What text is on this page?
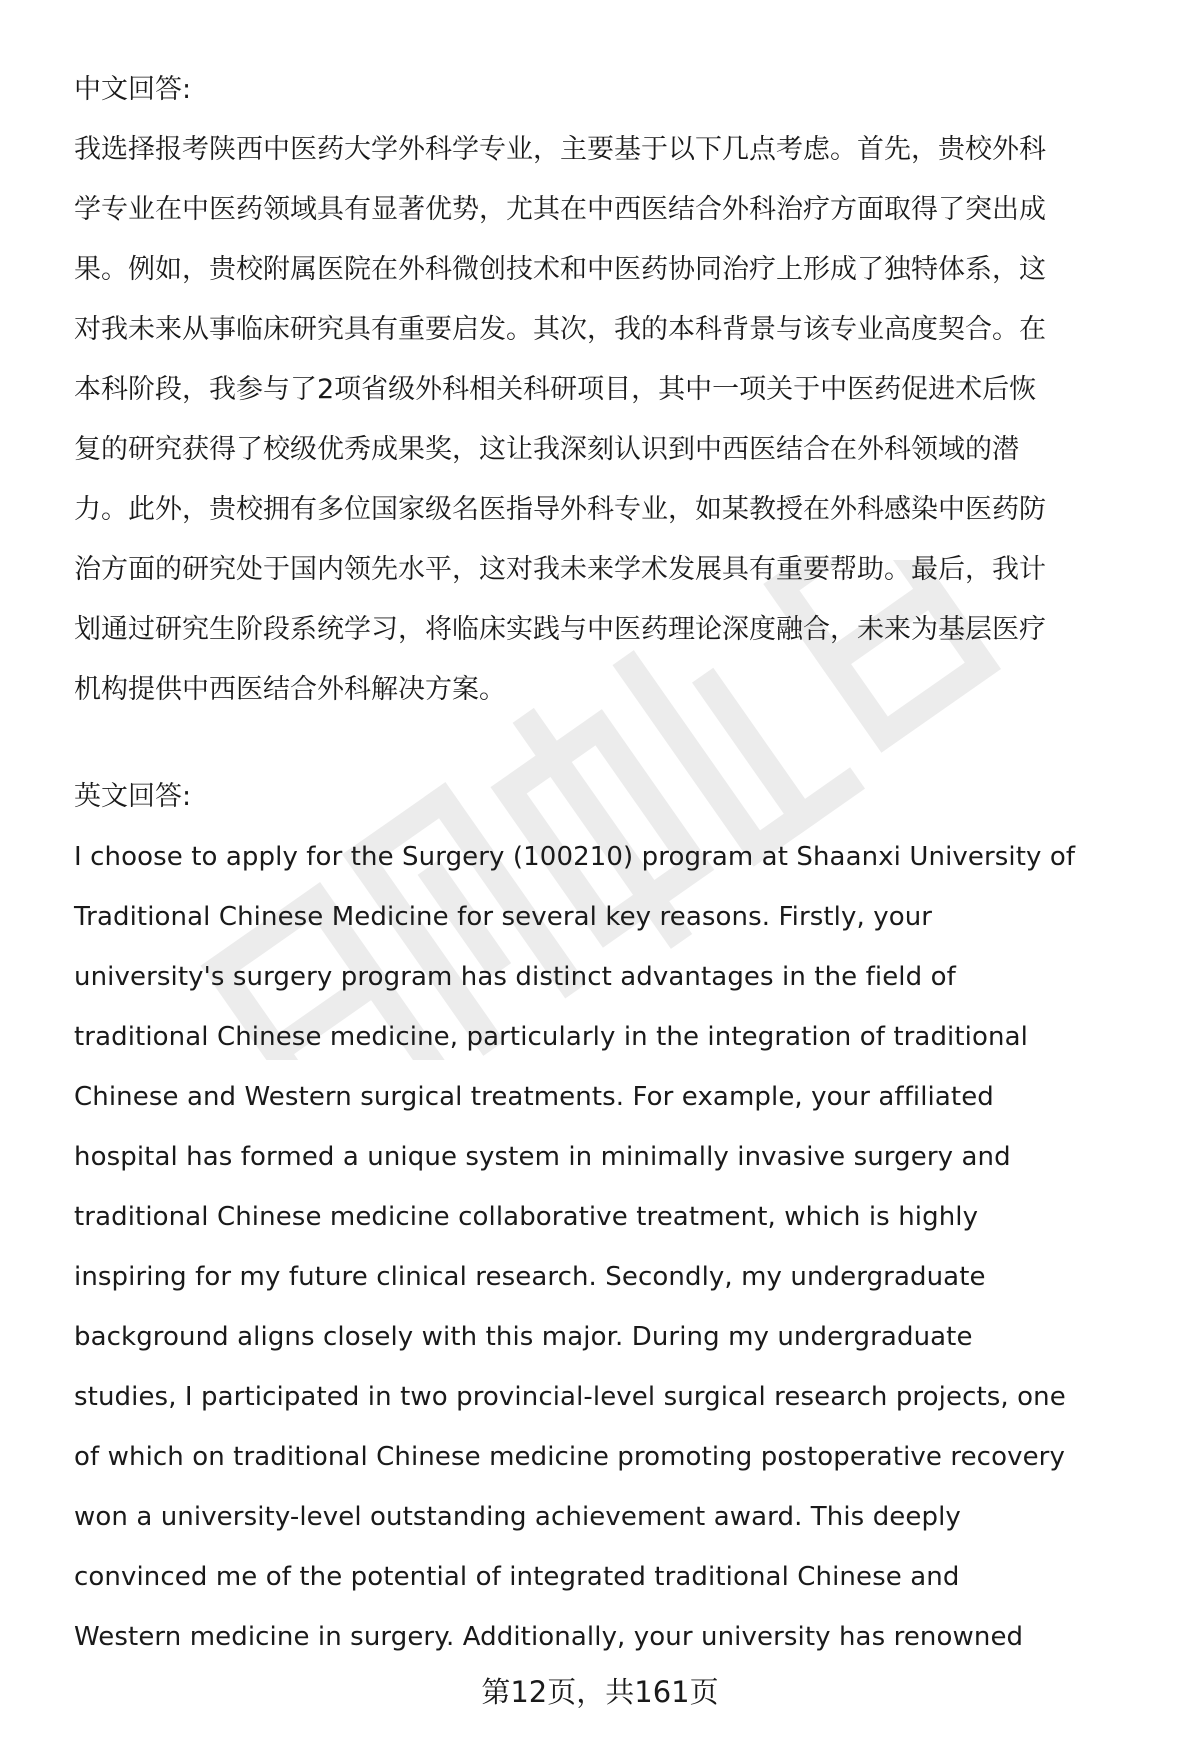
中文回答:
我选择报考陕西中医药大学外科学专业，主要基于以下几点考虑。首先，贵校外科
学专业在中医药领域具有显著优势，尤其在中西医结合外科治疗方面取得了突出成
果。例如，贵校附属医院在外科微创技术和中医药协同治疗上形成了独特体系，这
对我未来从事临床研究具有重要启发。其次，我的本科背景与该专业高度契合。在
本科阶段，我参与了2项省级外科相关科研项目，其中一项关于中医药促进术后恢
复的研究获得了校级优秀成果奖，这让我深刻认识到中西医结合在外科领域的潜
力。此外，贵校拥有多位国家级名医指导外科专业，如某教授在外科感染中医药防
治方面的研究处于国内领先水平，这对我未来学术发展具有重要帮助。最后，我计
划通过研究生阶段系统学习，将临床实践与中医药理论深度融合，未来为基层医疗
机构提供中西医结合外科解决方案。
英文回答:
I choose to apply for the Surgery (100210) program at Shaanxi University of
Traditional Chinese Medicine for several key reasons. Firstly, your
university's surgery program has distinct advantages in the field of
traditional Chinese medicine, particularly in the integration of traditional
Chinese and Western surgical treatments. For example, your affiliated
hospital has formed a unique system in minimally invasive surgery and
traditional Chinese medicine collaborative treatment, which is highly
inspiring for my future clinical research. Secondly, my undergraduate
background aligns closely with this major. During my undergraduate
studies, I participated in two provincial-level surgical research projects, one
of which on traditional Chinese medicine promoting postoperative recovery
won a university-level outstanding achievement award. This deeply
convinced me of the potential of integrated traditional Chinese and
Western medicine in surgery. Additionally, your university has renowned
第12页，共161页
